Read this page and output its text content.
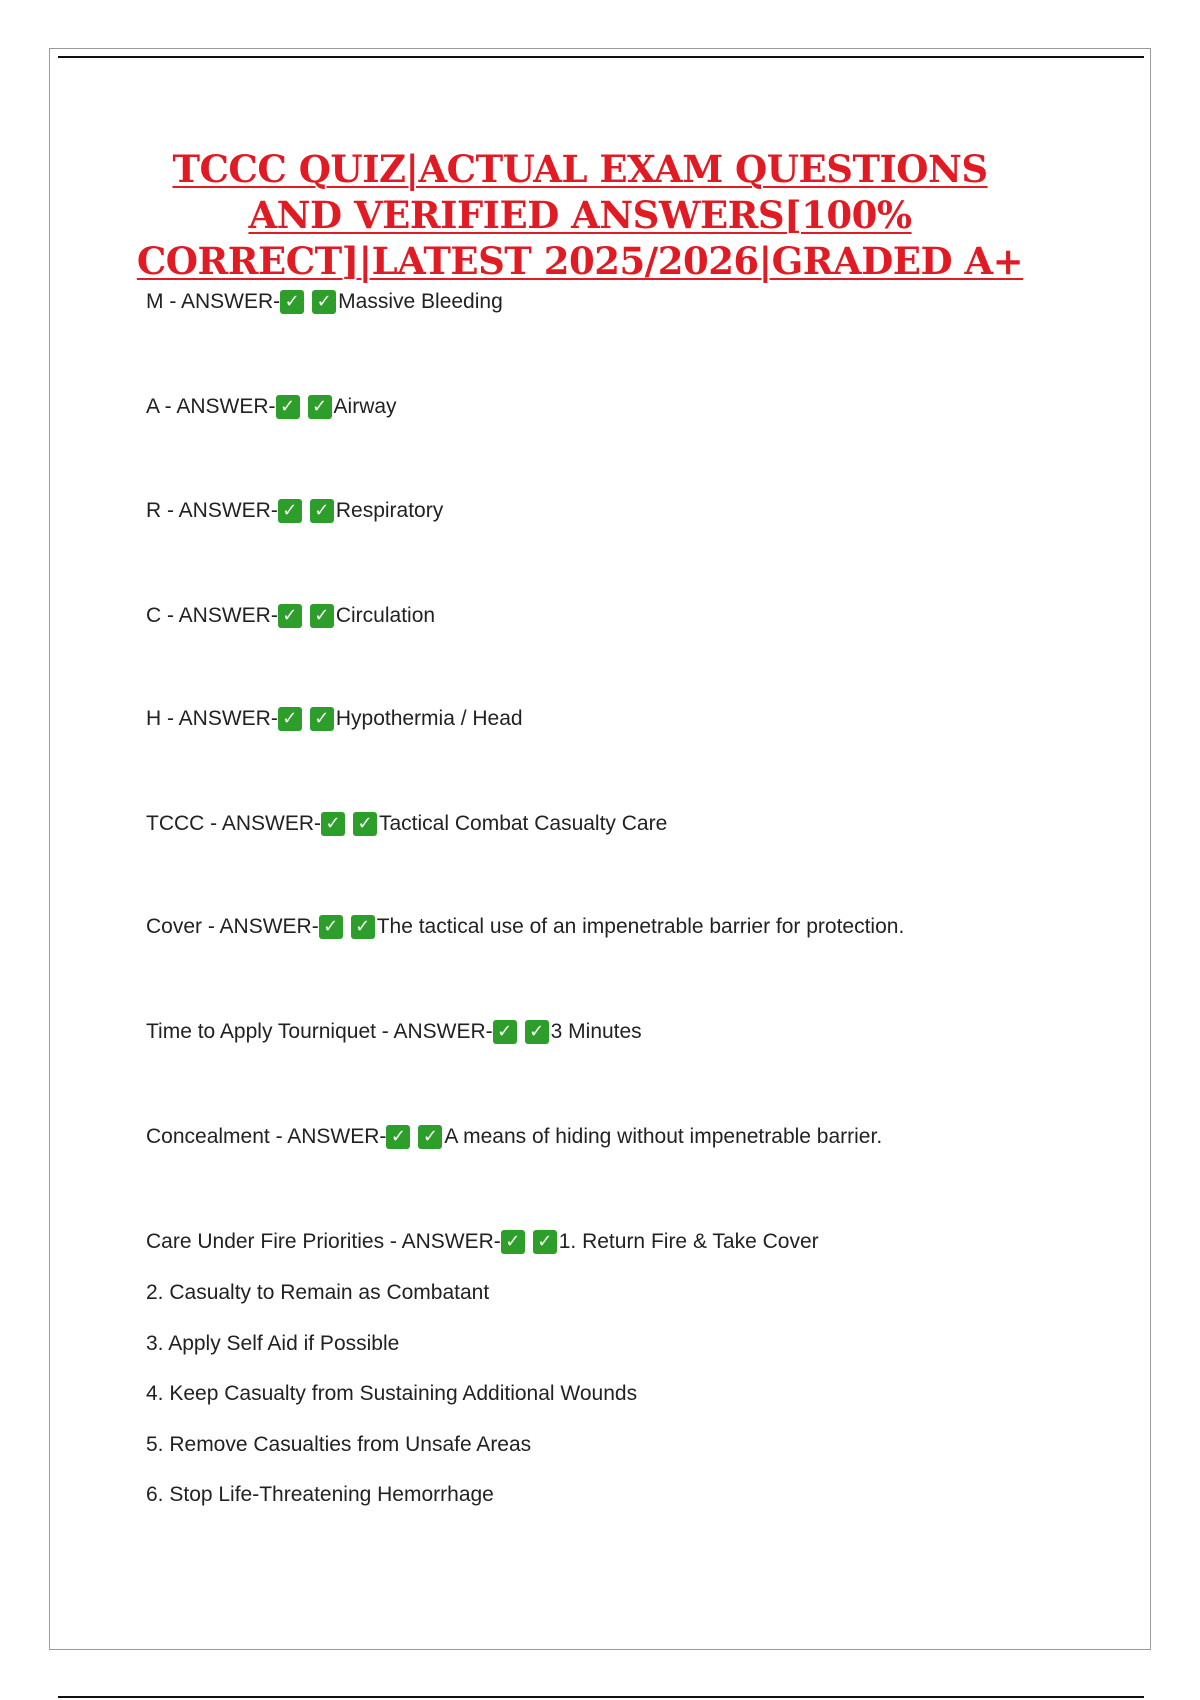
TCCC QUIZ|ACTUAL EXAM QUESTIONS
AND VERIFIED ANSWERS[100%
CORRECT]|LATEST 2025/2026|GRADED A+
M - ANSWER- ✓ ✓ Massive Bleeding
A - ANSWER- ✓ ✓ Airway
R - ANSWER- ✓ ✓ Respiratory
C - ANSWER- ✓ ✓ Circulation
H - ANSWER- ✓ ✓ Hypothermia / Head
TCCC - ANSWER- ✓ ✓ Tactical Combat Casualty Care
Cover - ANSWER- ✓ ✓ The tactical use of an impenetrable barrier for protection.
Time to Apply Tourniquet - ANSWER- ✓ ✓ 3 Minutes
Concealment - ANSWER- ✓ ✓ A means of hiding without impenetrable barrier.
Care Under Fire Priorities - ANSWER- ✓ ✓ 1. Return Fire & Take Cover
2. Casualty to Remain as Combatant
3. Apply Self Aid if Possible
4. Keep Casualty from Sustaining Additional Wounds
5. Remove Casualties from Unsafe Areas
6. Stop Life-Threatening Hemorrhage
